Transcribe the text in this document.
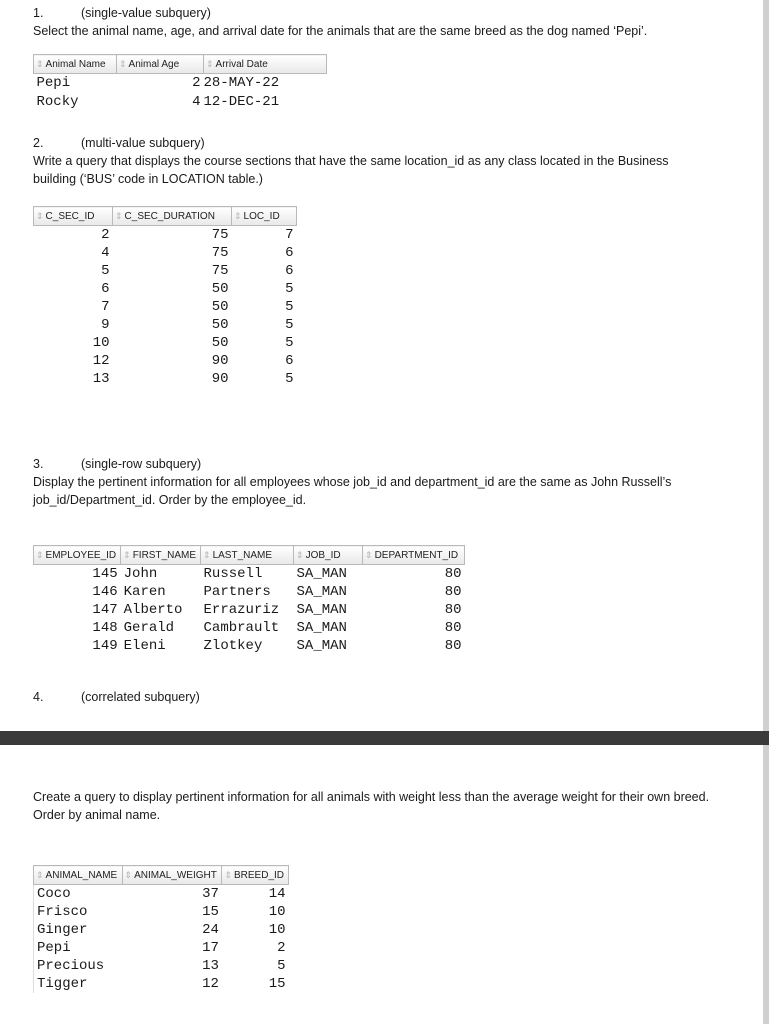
1.	(single-value subquery)
Select the animal name, age, and arrival date for the animals that are the same breed as the dog named ‘Pepi’.
⇕ Animal Name	⇕ Animal Age	⇕ Arrival Date
Pepi	2	28-MAY-22
Rocky	4	12-DEC-21
2.	(multi-value subquery)
Write a query that displays the course sections that have the same location_id as any class located in the Business building (‘BUS’ code in LOCATION table.)
⇕ C_SEC_ID	⇕ C_SEC_DURATION	⇕ LOC_ID
2	75	7
4	75	6
5	75	6
6	50	5
7	50	5
9	50	5
10	50	5
12	90	6
13	90	5
3.	(single-row subquery)
Display the pertinent information for all employees whose job_id and department_id are the same as John Russell’s job_id/Department_id. Order by the employee_id.
⇕ EMPLOYEE_ID	⇕ FIRST_NAME	⇕ LAST_NAME	⇕ JOB_ID	⇕ DEPARTMENT_ID
145	John	Russell	SA_MAN	80
146	Karen	Partners	SA_MAN	80
147	Alberto	Errazuriz	SA_MAN	80
148	Gerald	Cambrault	SA_MAN	80
149	Eleni	Zlotkey	SA_MAN	80
4.	(correlated subquery)
Create a query to display pertinent information for all animals with weight less than the average weight for their own breed. Order by animal name.
⇕ ANIMAL_NAME	⇕ ANIMAL_WEIGHT	⇕ BREED_ID
Coco	37	14
Frisco	15	10
Ginger	24	10
Pepi	17	2
Precious	13	5
Tigger	12	15
